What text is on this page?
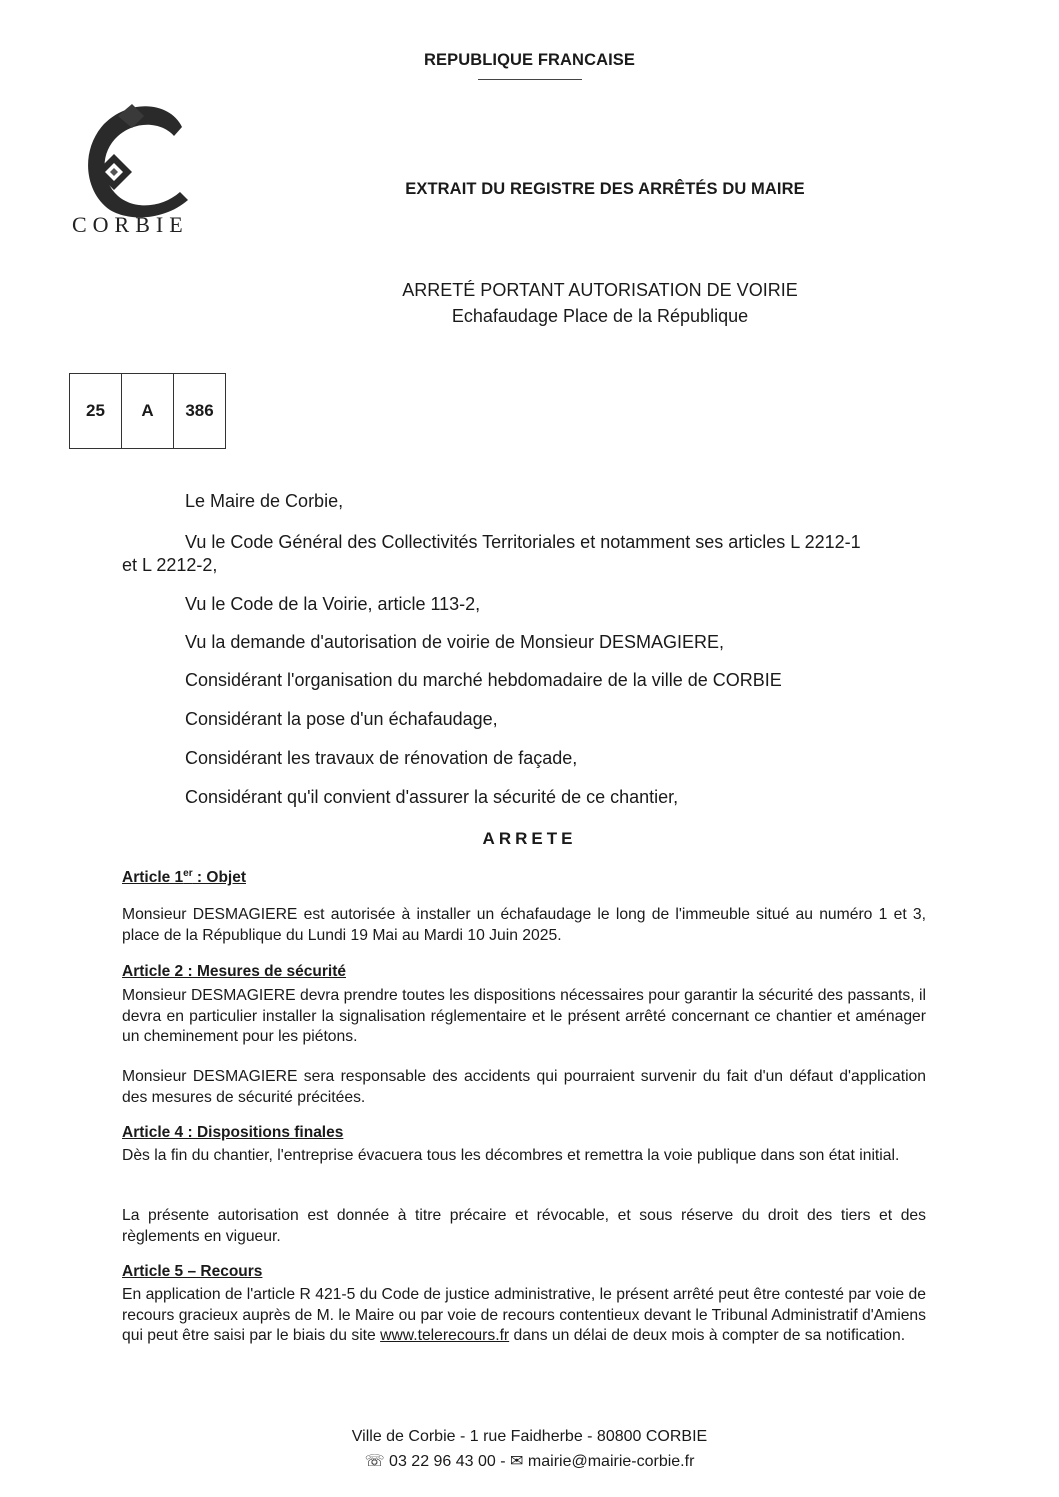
REPUBLIQUE FRANCAISE
CORBIE
EXTRAIT DU REGISTRE DES ARRÊTÉS DU MAIRE
ARRETÉ PORTANT AUTORISATION DE VOIRIE
Echafaudage Place de la République
25	A	386
Le Maire de Corbie,
Vu le Code Général des Collectivités Territoriales et notamment ses articles L 2212-1
et L 2212-2,
Vu le Code de la Voirie, article 113-2,
Vu la demande d'autorisation de voirie de Monsieur DESMAGIERE,
Considérant l'organisation du marché hebdomadaire de la ville de CORBIE
Considérant la pose d'un échafaudage,
Considérant les travaux de rénovation de façade,
Considérant qu'il convient d'assurer la sécurité de ce chantier,
ARRETE
Article 1er : Objet
Monsieur DESMAGIERE est autorisée à installer un échafaudage le long de l'immeuble situé au numéro 1 et 3, place de la République du Lundi 19 Mai au Mardi 10 Juin 2025.
Article 2 : Mesures de sécurité
Monsieur DESMAGIERE devra prendre toutes les dispositions nécessaires pour garantir la sécurité des passants, il devra en particulier installer la signalisation réglementaire et le présent arrêté concernant ce chantier et aménager un cheminement pour les piétons.
Monsieur DESMAGIERE sera responsable des accidents qui pourraient survenir du fait d'un défaut d'application des mesures de sécurité précitées.
Article 4 : Dispositions finales
Dès la fin du chantier, l'entreprise évacuera tous les décombres et remettra la voie publique dans son état initial.
La présente autorisation est donnée à titre précaire et révocable, et sous réserve du droit des tiers et des règlements en vigueur.
Article 5 – Recours
En application de l'article R 421-5 du Code de justice administrative, le présent arrêté peut être contesté par voie de recours gracieux auprès de M. le Maire ou par voie de recours contentieux devant le Tribunal Administratif d'Amiens qui peut être saisi par le biais du site www.telerecours.fr dans un délai de deux mois à compter de sa notification.
Ville de Corbie - 1 rue Faidherbe - 80800 CORBIE
☏ 03 22 96 43 00 - ✉ mairie@mairie-corbie.fr
